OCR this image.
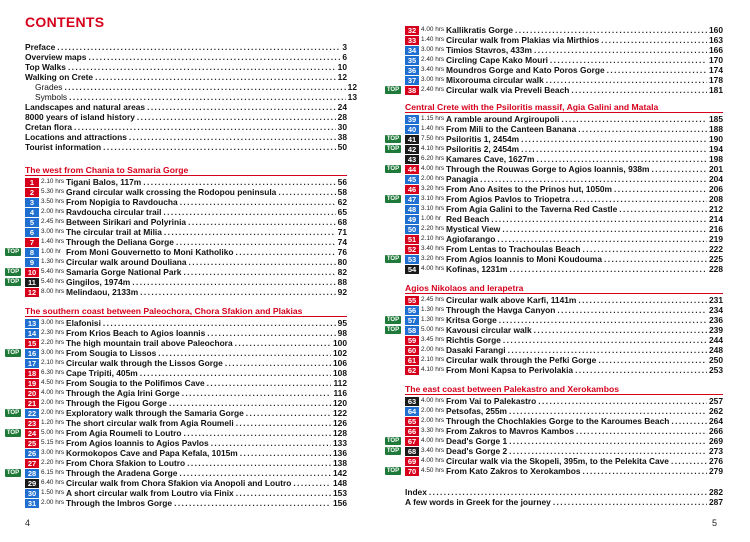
CONTENTS
Preface .....	3
Overview maps .....	6
Top Walks .....	10
Walking on Crete .....	12
Grades .....	12
Symbols .....	13
Landscapes and natural areas .....	24
8000 years of island history .....	28
Cretan flora .....	30
Locations and attractions .....	38
Tourist information .....	50
The west from Chania to Samaria Gorge
1	2.10 hrs Tigani Balos, 117m .....	56
2	5.30 hrs Grand circular walk crossing the Rodopou peninsula .....	58
3	3.50 hrs From Nopigia to Ravdoucha .....	62
4	2.00 hrs Ravdoucha circular trail .....	65
5	2.45 hrs Between Sirikari and Polyrinia .....	68
6	3.00 hrs The circular trail at Milia .....	71
7	1.40 hrs Through the Deliana Gorge .....	74
TOP	8	1.00 hr From Moni Gouvernetto to Moni Katholiko .....	76
9	1.30 hrs Circular walk around Douliana .....	80
TOP	10 5.40 hrs Samaria Gorge National Park .....	82
TOP	11 5.40 hrs Gingilos, 1974m .....	88
12 8.00 hrs Melindaou, 2133m .....	92
The southern coast between Paleochora, Chora Sfakion and Plakias
13 3.00 hrs Elafonisi .....	95
14 2.30 hrs From Krios Beach to Agios Ioannis .....	98
15 2.20 hrs The high mountain trail above Paleochora .....	100
TOP	16 3.00 hrs From Sougia to Lissos .....	102
17 2.10 hrs Circular walk through the Lissos Gorge .....	106
18 6.30 hrs Cape Tripiti, 405m .....	108
19 4.50 hrs From Sougia to the Polifimos Cave .....	112
20 4.00 hrs Through the Agia Irini Gorge .....	116
21 2.00 hrs Through the Figou Gorge .....	120
TOP	22 2.00 hrs Exploratory walk through the Samaria Gorge .....	122
23 1.20 hrs The short circular walk from Agia Roumeli .....	126
TOP	24 5.00 hrs From Agia Roumeli to Loutro .....	128
25 5.15 hrs From Agios Ioannis to Agios Pavlos .....	133
26 3.00 hrs Kormokopos Cave and Papa Kefala, 1015m .....	136
27 2.20 hrs From Chora Sfakion to Loutro .....	138
TOP	28 6.15 hrs Through the Aradena Gorge .....	142
29 6.40 hrs Circular walk from Chora Sfakion via Anopoli and Loutro .....	148
30 1.50 hrs A short circular walk from Loutro via Finix .....	153
31 2.00 hrs Through the Imbros Gorge .....	156
32 4.00 hrs Kallikratis Gorge .....	160
33 1.40 hrs Circular walk from Plakias via Mirthios .....	163
34 3.00 hrs Timios Stavros, 433m .....	166
35 2.40 hrs Circling Cape Kako Mouri .....	170
36 3.40 hrs Moundros Gorge and Kato Poros Gorge .....	174
37 3.00 hrs Mixorouma circular walk .....	178
TOP	38 2.40 hrs Circular walk via Preveli Beach .....	181
Central Crete with the Psiloritis massif, Agia Galini and Matala
39 1.15 hrs A ramble around Argiroupoli .....	185
40 1.40 hrs From Mili to the Canteen Banana .....	188
TOP	41 7.50 hrs Psiloritis 1, 2454m .....	190
TOP	42 4.10 hrs Psiloritis 2, 2454m .....	194
43 6.20 hrs Kamares Cave, 1627m .....	198
TOP	44 4.00 hrs Through the Rouwas Gorge to Agios Ioannis, 938m .....	201
45 2.00 hrs Panagia .....	204
46 3.20 hrs From Ano Asites to the Prinos hut, 1050m .....	206
TOP	47 3.10 hrs From Agios Pavlos to Triopetra .....	208
48 3.10 hrs From Agia Galini to the Taverna Red Castle .....	212
49 1.00 hr Red Beach .....	214
50 2.20 hrs Mystical View .....	216
51 2.10 hrs Agiofarango .....	219
52 3.40 hrs From Lentas to Trachoulas Beach .....	222
TOP	53 3.20 hrs From Agios Ioannis to Moni Koudouma .....	225
54 4.00 hrs Kofinas, 1231m .....	228
Agios Nikolaos and Ierapetra
55 2.45 hrs Circular walk above Karfi, 1141m .....	231
56 1.30 hrs Through the Havga Canyon .....	234
TOP	57 1.30 hrs Kritsa Gorge .....	236
TOP	58 5.00 hrs Kavousi circular walk .....	239
59 3.45 hrs Richtis Gorge .....	244
60 2.00 hrs Dasaki Farangi .....	248
61 2.10 hrs Circular walk through the Pefki Gorge .....	250
62 4.10 hrs From Moni Kapsa to Perivolakia .....	253
The east coast between Palekastro and Xerokambos
63 4.00 hrs From Vai to Palekastro .....	257
64 2.00 hrs Petsofas, 255m .....	262
65 2.00 hrs Through the Chochlakies Gorge to the Karoumes Beach .....	264
66 3.30 hrs From Zakros to Mavros Kambos .....	266
TOP	67 4.00 hrs Dead's Gorge 1 .....	269
TOP	68 3.40 hrs Dead's Gorge 2 .....	273
69 4.00 hrs Circular walk via the Skopeli, 395m, to the Pelekita Cave .....	276
TOP	70 4.50 hrs From Kato Zakros to Xerokambos .....	279
Index .....	282
A few words in Greek for the journey .....	287
4	5
